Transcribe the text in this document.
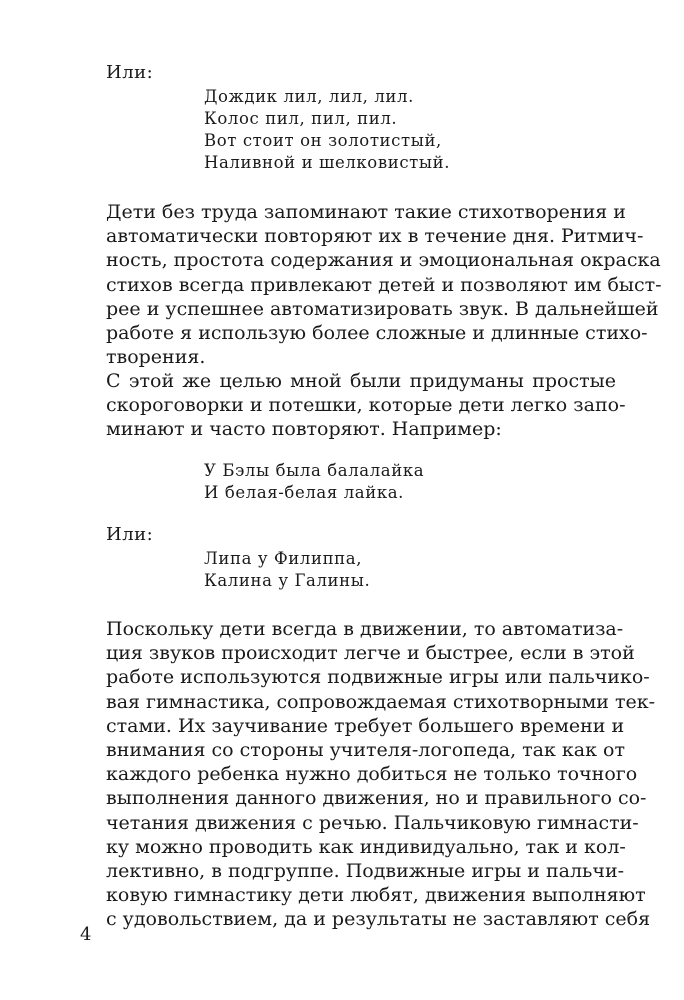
Или:
Дождик лил, лил, лил.
Колос пил, пил, пил.
Вот стоит он золотистый,
Наливной и шелковистый.
Дети без труда запоминают такие стихотворения и
автоматически повторяют их в течение дня. Ритмич-
ность, простота содержания и эмоциональная окраска
стихов всегда привлекают детей и позволяют им быст-
рее и успешнее автоматизировать звук. В дальнейшей
работе я использую более сложные и длинные стихо-
творения.
С этой же целью мной были придуманы простые
скороговорки и потешки, которые дети легко запо-
минают и часто повторяют. Например:
У Бэлы была балалайка
И белая-белая лайка.
Или:
Липа у Филиппа,
Калина у Галины.
Поскольку дети всегда в движении, то автоматиза-
ция звуков происходит легче и быстрее, если в этой
работе используются подвижные игры или пальчико-
вая гимнастика, сопровождаемая стихотворными тек-
стами. Их заучивание требует большего времени и
внимания со стороны учителя-логопеда, так как от
каждого ребенка нужно добиться не только точного
выполнения данного движения, но и правильного со-
четания движения с речью. Пальчиковую гимнасти-
ку можно проводить как индивидуально, так и кол-
лективно, в подгруппе. Подвижные игры и пальчи-
ковую гимнастику дети любят, движения выполняют
с удовольствием, да и результаты не заставляют себя
4
